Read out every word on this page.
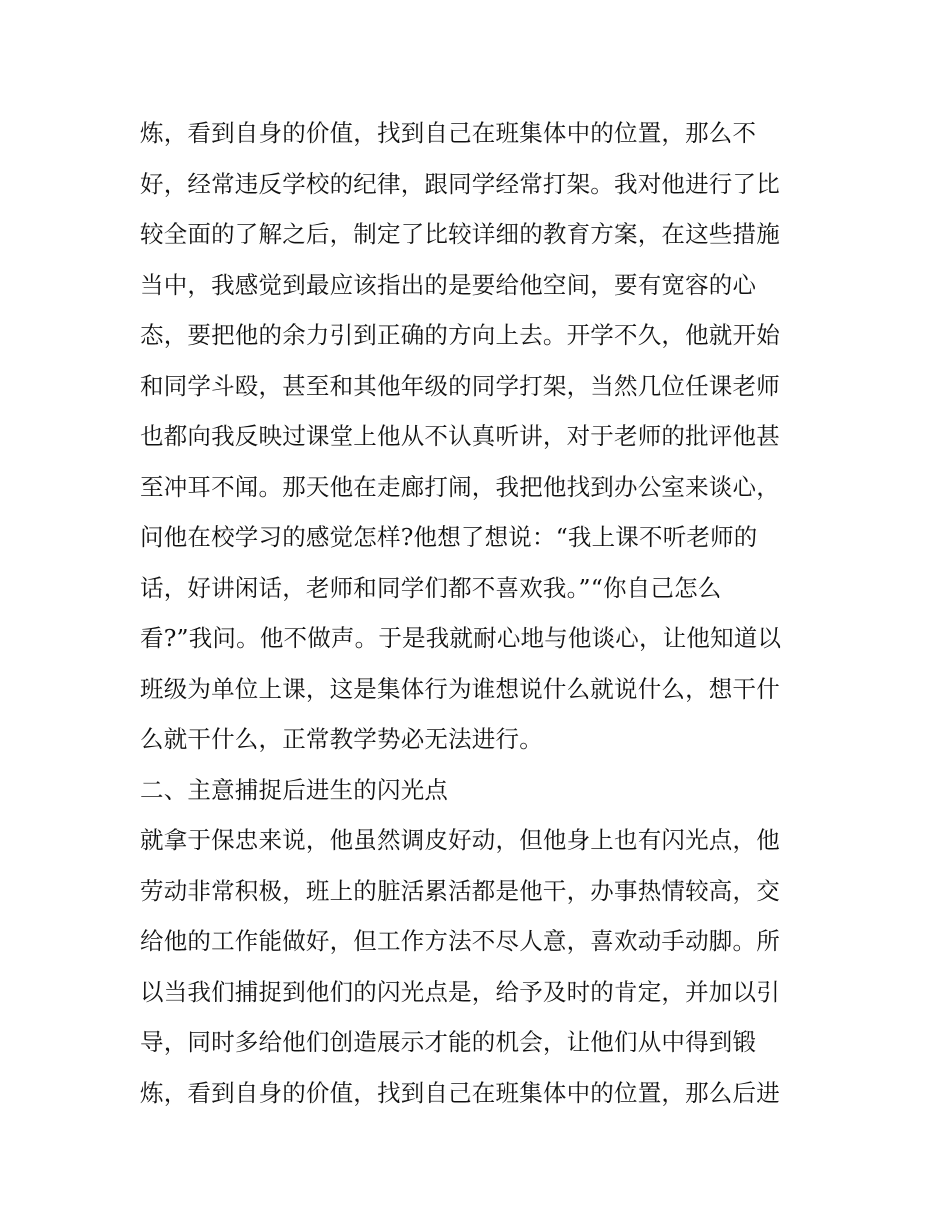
炼，看到自身的价值，找到自己在班集体中的位置，那么不
好，经常违反学校的纪律，跟同学经常打架。我对他进行了比
较全面的了解之后，制定了比较详细的教育方案，在这些措施
当中，我感觉到最应该指出的是要给他空间，要有宽容的心
态，要把他的余力引到正确的方向上去。开学不久，他就开始
和同学斗殴，甚至和其他年级的同学打架，当然几位任课老师
也都向我反映过课堂上他从不认真听讲，对于老师的批评他甚
至冲耳不闻。那天他在走廊打闹，我把他找到办公室来谈心，
问他在校学习的感觉怎样?他想了想说：“我上课不听老师的
话，好讲闲话，老师和同学们都不喜欢我。”“你自己怎么
看?”我问。他不做声。于是我就耐心地与他谈心，让他知道以
班级为单位上课，这是集体行为谁想说什么就说什么，想干什
么就干什么，正常教学势必无法进行。
二、主意捕捉后进生的闪光点
就拿于保忠来说，他虽然调皮好动，但他身上也有闪光点，他
劳动非常积极，班上的脏活累活都是他干，办事热情较高，交
给他的工作能做好，但工作方法不尽人意，喜欢动手动脚。所
以当我们捕捉到他们的闪光点是，给予及时的肯定，并加以引
导，同时多给他们创造展示才能的机会，让他们从中得到锻
炼，看到自身的价值，找到自己在班集体中的位置，那么后进
